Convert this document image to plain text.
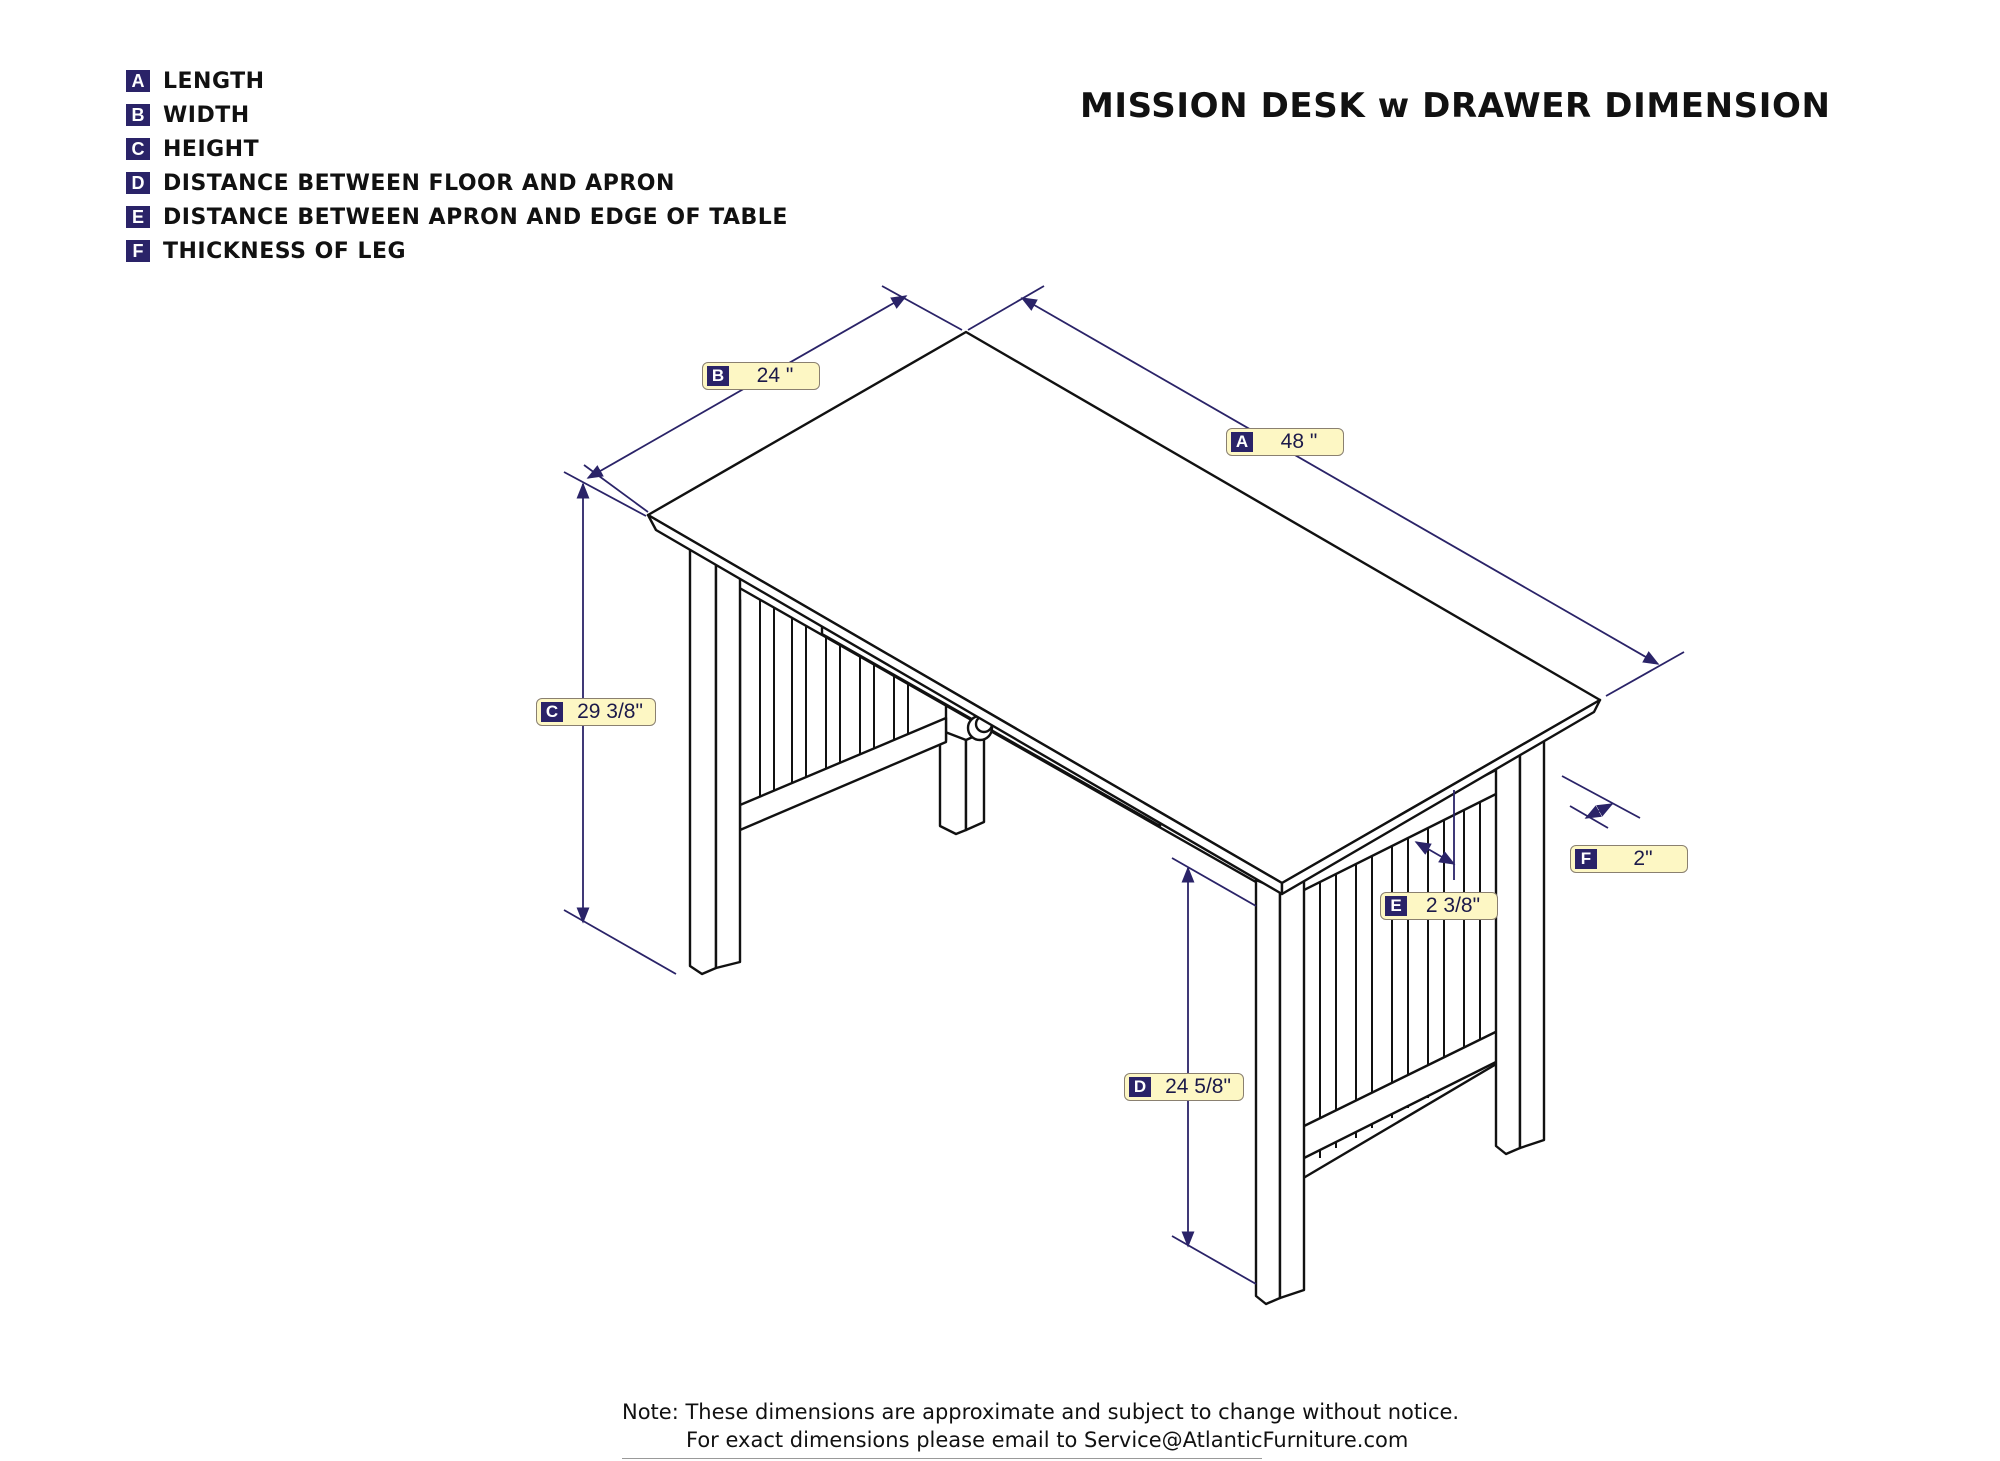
A LENGTH
B WIDTH
C HEIGHT
D DISTANCE BETWEEN FLOOR AND APRON
E DISTANCE BETWEEN APRON AND EDGE OF TABLE
F THICKNESS OF LEG
MISSION DESK w DRAWER DIMENSION
B	24 "
A	48 "
C 29 3/8"
D 24 5/8"
E	2 3/8"
F	2"
Note: These dimensions are approximate and subject to change without notice.
For exact dimensions please email to Service@AtlanticFurniture.com
